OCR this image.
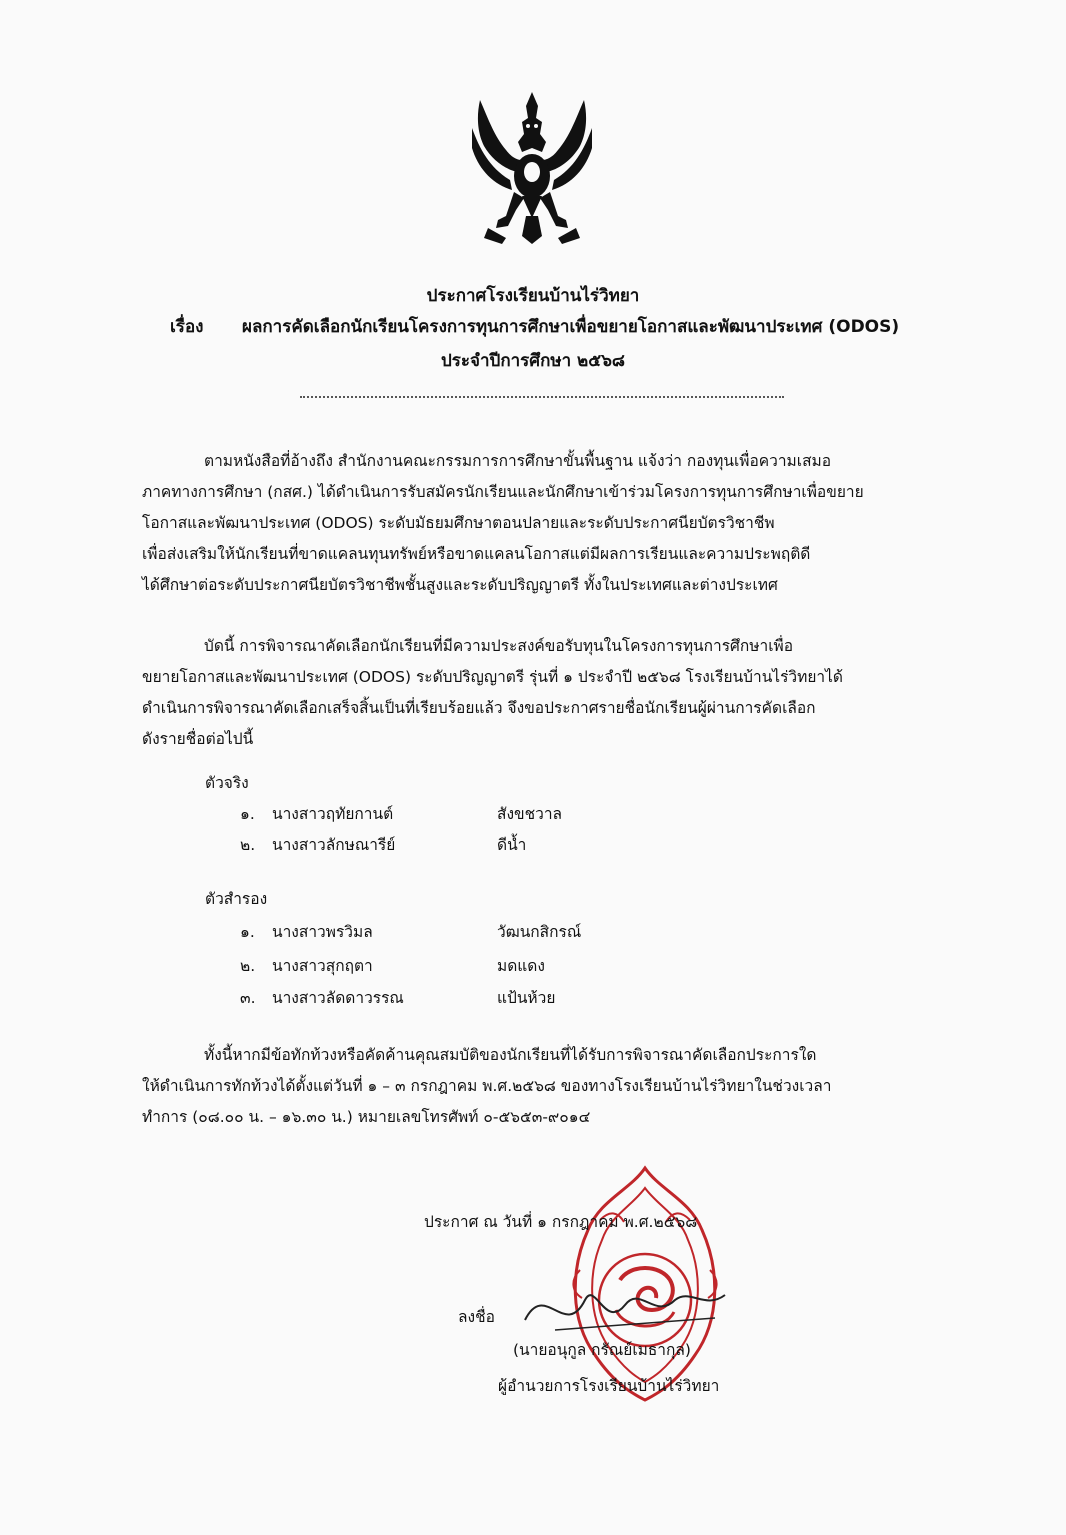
ประกาศโรงเรียนบ้านไร่วิทยา
เรื่อง ผลการคัดเลือกนักเรียนโครงการทุนการศึกษาเพื่อขยายโอกาสและพัฒนาประเทศ (ODOS)
ประจำปีการศึกษา ๒๕๖๘
ตามหนังสือที่อ้างถึง สำนักงานคณะกรรมการการศึกษาขั้นพื้นฐาน แจ้งว่า กองทุนเพื่อความเสมอ
ภาคทางการศึกษา (กสศ.) ได้ดำเนินการรับสมัครนักเรียนและนักศึกษาเข้าร่วมโครงการทุนการศึกษาเพื่อขยาย
โอกาสและพัฒนาประเทศ (ODOS) ระดับมัธยมศึกษาตอนปลายและระดับประกาศนียบัตรวิชาชีพ
เพื่อส่งเสริมให้นักเรียนที่ขาดแคลนทุนทรัพย์หรือขาดแคลนโอกาสแต่มีผลการเรียนและความประพฤติดี
ได้ศึกษาต่อระดับประกาศนียบัตรวิชาชีพชั้นสูงและระดับปริญญาตรี ทั้งในประเทศและต่างประเทศ
บัดนี้ การพิจารณาคัดเลือกนักเรียนที่มีความประสงค์ขอรับทุนในโครงการทุนการศึกษาเพื่อ
ขยายโอกาสและพัฒนาประเทศ (ODOS) ระดับปริญญาตรี รุ่นที่ ๑ ประจำปี ๒๕๖๘ โรงเรียนบ้านไร่วิทยาได้
ดำเนินการพิจารณาคัดเลือกเสร็จสิ้นเป็นที่เรียบร้อยแล้ว จึงขอประกาศรายชื่อนักเรียนผู้ผ่านการคัดเลือก
ดังรายชื่อต่อไปนี้
ตัวจริง
๑. นางสาวฤทัยกานต์	สังขชวาล
๒. นางสาวลักษณารีย์	ดีน้ำ
ตัวสำรอง
๑. นางสาวพรวิมล	วัฒนกสิกรณ์
๒. นางสาวสุกฤตา	มดแดง
๓. นางสาวลัดดาวรรณ	แป้นห้วย
ทั้งนี้หากมีข้อทักท้วงหรือคัดค้านคุณสมบัติของนักเรียนที่ได้รับการพิจารณาคัดเลือกประการใด
ให้ดำเนินการทักท้วงได้ตั้งแต่วันที่ ๑ – ๓ กรกฎาคม พ.ศ.๒๕๖๘ ของทางโรงเรียนบ้านไร่วิทยาในช่วงเวลา
ทำการ (๐๘.๐๐ น. – ๑๖.๓๐ น.) หมายเลขโทรศัพท์ ๐-๕๖๕๓-๙๐๑๔
ประกาศ ณ วันที่ ๑ กรกฎาคม พ.ศ.๒๕๖๘
ลงชื่อ
(นายอนุกูล กรัณย์เมธากุล)
ผู้อำนวยการโรงเรียนบ้านไร่วิทยา
